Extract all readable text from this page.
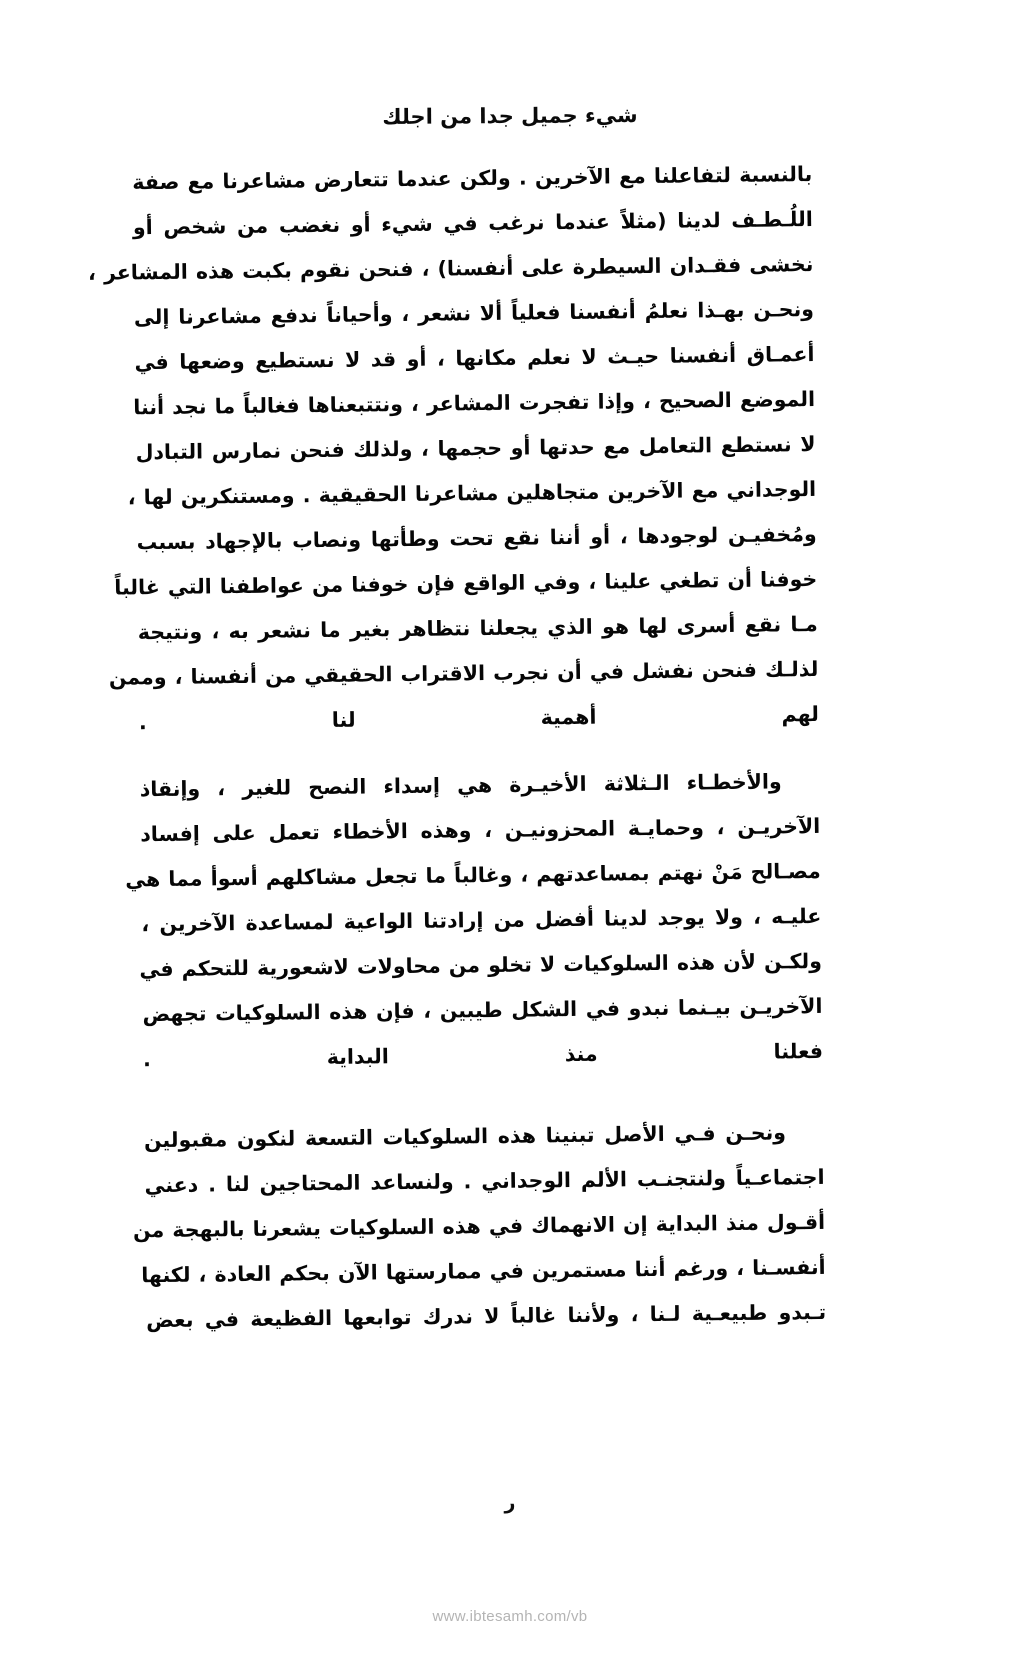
شيء جميل جدا من اجلك
بالنسبة لتفاعلنا مع الآخرين . ولكن عندما تتعارض مشاعرنا مع صفة
اللُـطـف لدينا (مثلاً عندما نرغب في شيء أو نغضب من شخص أو
نخشى فقـدان السيطرة على أنفسنا) ، فنحن نقوم بكبت هذه المشاعر ،
ونحـن بهـذا نعلمُ أنفسنا فعلياً ألا نشعر ، وأحياناً ندفع مشاعرنا إلى
أعمـاق أنفسنا حيـث لا نعلم مكانها ، أو قد لا نستطيع وضعها في
الموضع الصحيح ، وإذا تفجرت المشاعر ، ونتتبعناها فغالباً ما نجد أننا
لا نستطع التعامل مع حدتها أو حجمها ، ولذلك فنحن نمارس التبادل
الوجداني مع الآخرين متجاهلين مشاعرنا الحقيقية . ومستنكرين لها ،
ومُخفيـن لوجودها ، أو أننا نقع تحت وطأتها ونصاب بالإجهاد بسبب
خوفنا أن تطغي علينا ، وفي الواقع فإن خوفنا من عواطفنا التي غالباً
مـا نقع أسرى لها هو الذي يجعلنا نتظاهر بغير ما نشعر به ، ونتيجة
لذلـك فنحن نفشل في أن نجرب الاقتراب الحقيقي من أنفسنا ، وممن
لهم أهمية لنا .
والأخطـاء الـثلاثة الأخيـرة هي إسداء النصح للغير ، وإنقاذ
الآخريـن ، وحمايـة المحزونيـن ، وهذه الأخطاء تعمل على إفساد
مصـالح مَنْ نهتم بمساعدتهم ، وغالباً ما تجعل مشاكلهم أسوأ مما هي
عليـه ، ولا يوجد لدينا أفضل من إرادتنا الواعية لمساعدة الآخرين ،
ولكـن لأن هذه السلوكيات لا تخلو من محاولات لاشعورية للتحكم في
الآخريـن بيـنما نبدو في الشكل طيبين ، فإن هذه السلوكيات تجهض
فعلنا منذ البداية .
ونحـن فـي الأصل تبنينا هذه السلوكيات التسعة لنكون مقبولين
اجتماعـياً ولنتجنـب الألم الوجداني . ولنساعد المحتاجين لنا . دعني
أقـول منذ البداية إن الانهماك في هذه السلوكيات يشعرنا بالبهجة من
أنفسـنا ، ورغم أننا مستمرين في ممارستها الآن بحكم العادة ، لكنها
تـبدو طبيعـية لـنا ، ولأننا غالباً لا ندرك توابعها الفظيعة في بعض
ر
www.ibtesamh.com/vb
